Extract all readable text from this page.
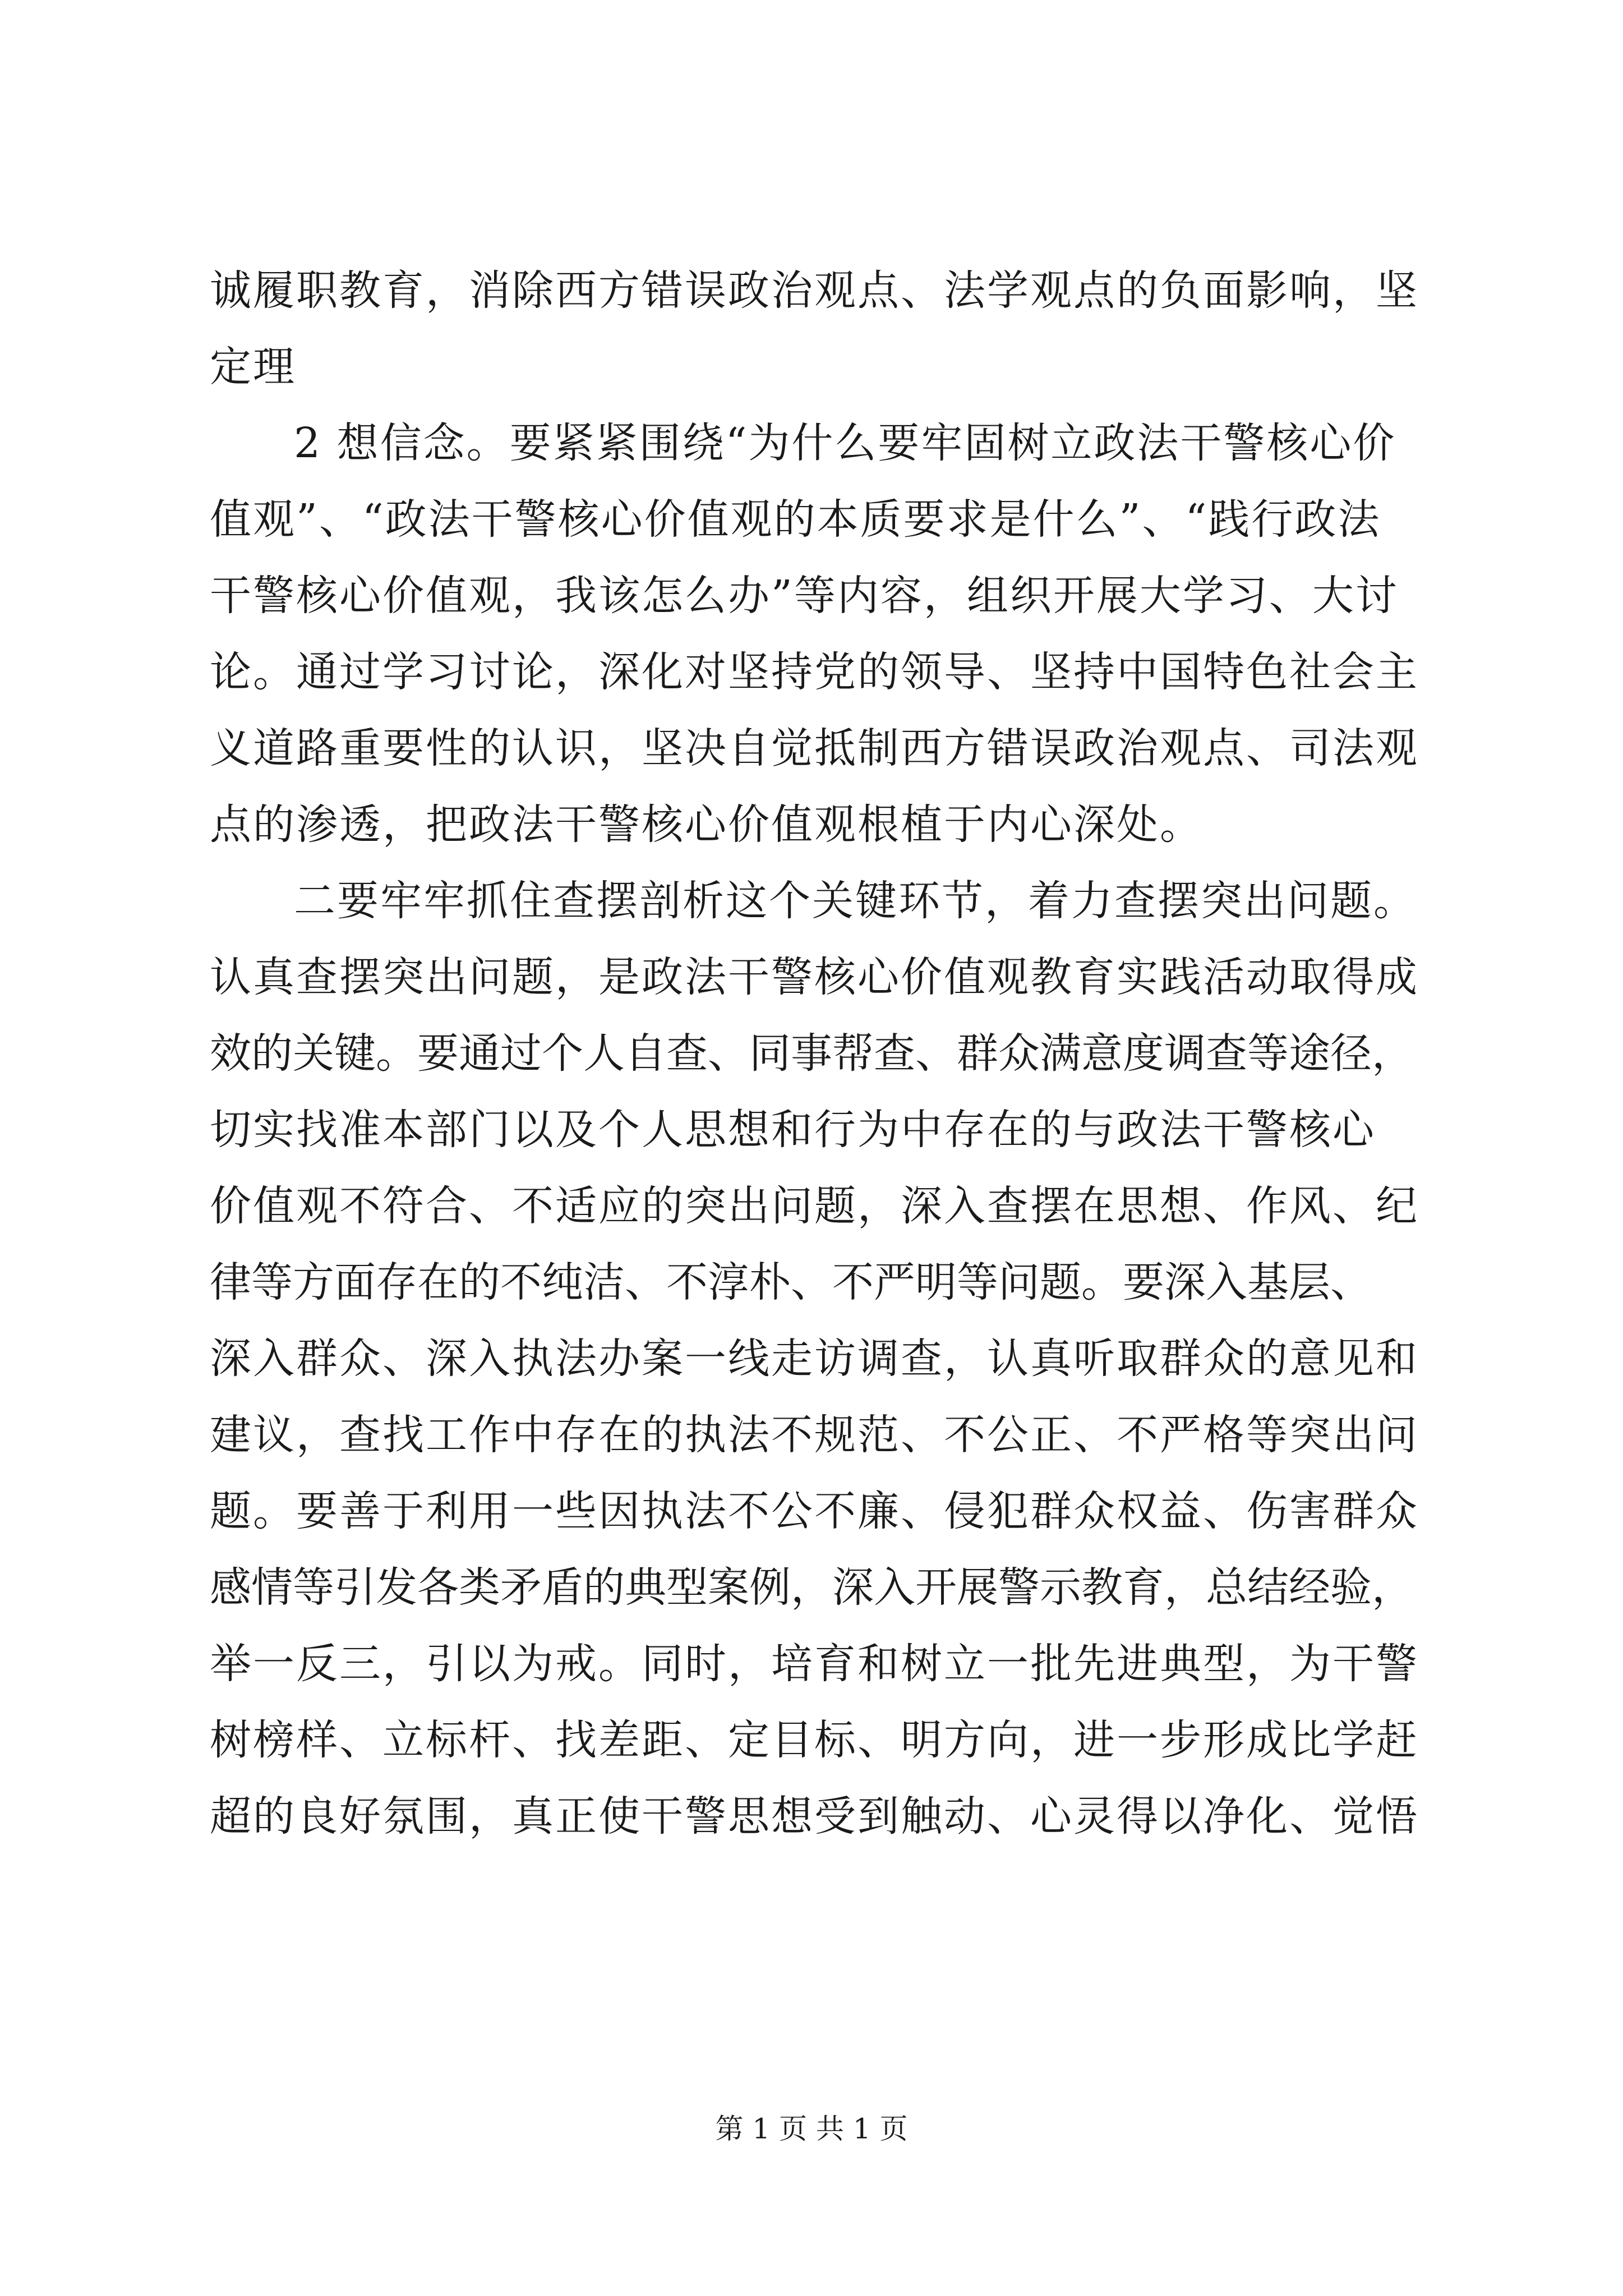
诚履职教育，消除西方错误政治观点、法学观点的负面影响，坚
定理
2 想信念。要紧紧围绕“为什么要牢固树立政法干警核心价
值观”、“政法干警核心价值观的本质要求是什么”、“践行政法
干警核心价值观，我该怎么办”等内容，组织开展大学习、大讨
论。通过学习讨论，深化对坚持党的领导、坚持中国特色社会主
义道路重要性的认识，坚决自觉抵制西方错误政治观点、司法观
点的渗透，把政法干警核心价值观根植于内心深处。
二要牢牢抓住查摆剖析这个关键环节，着力查摆突出问题。
认真查摆突出问题，是政法干警核心价值观教育实践活动取得成
效的关键。要通过个人自查、同事帮查、群众满意度调查等途径，
切实找准本部门以及个人思想和行为中存在的与政法干警核心
价值观不符合、不适应的突出问题，深入查摆在思想、作风、纪
律等方面存在的不纯洁、不淳朴、不严明等问题。要深入基层、
深入群众、深入执法办案一线走访调查，认真听取群众的意见和
建议，查找工作中存在的执法不规范、不公正、不严格等突出问
题。要善于利用一些因执法不公不廉、侵犯群众权益、伤害群众
感情等引发各类矛盾的典型案例，深入开展警示教育，总结经验，
举一反三，引以为戒。同时，培育和树立一批先进典型，为干警
树榜样、立标杆、找差距、定目标、明方向，进一步形成比学赶
超的良好氛围，真正使干警思想受到触动、心灵得以净化、觉悟
第 1 页 共 1 页
